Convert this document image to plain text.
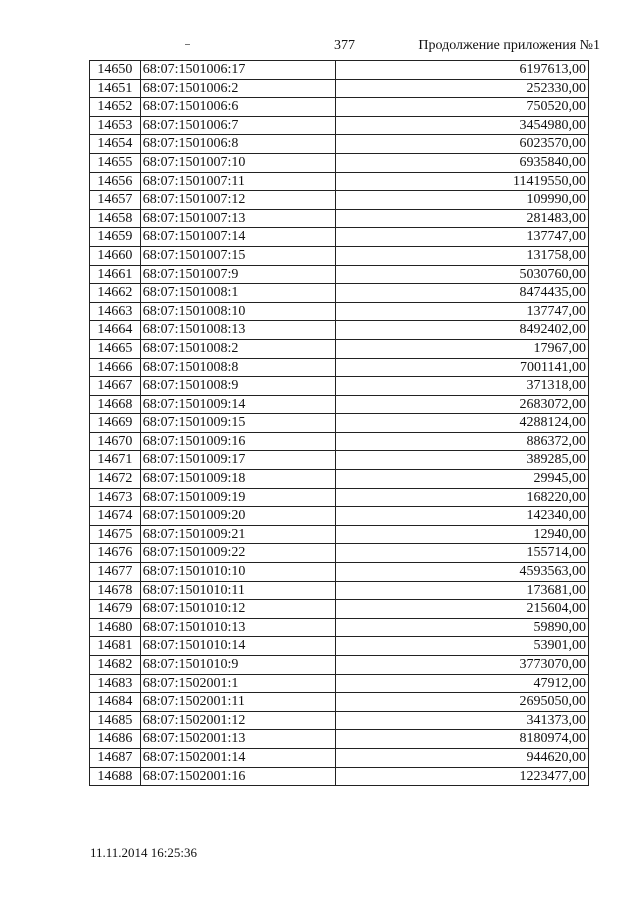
377	Продолжение приложения №1
14650	68:07:1501006:17	6197613,00
14651	68:07:1501006:2	252330,00
14652	68:07:1501006:6	750520,00
14653	68:07:1501006:7	3454980,00
14654	68:07:1501006:8	6023570,00
14655	68:07:1501007:10	6935840,00
14656	68:07:1501007:11	11419550,00
14657	68:07:1501007:12	109990,00
14658	68:07:1501007:13	281483,00
14659	68:07:1501007:14	137747,00
14660	68:07:1501007:15	131758,00
14661	68:07:1501007:9	5030760,00
14662	68:07:1501008:1	8474435,00
14663	68:07:1501008:10	137747,00
14664	68:07:1501008:13	8492402,00
14665	68:07:1501008:2	17967,00
14666	68:07:1501008:8	7001141,00
14667	68:07:1501008:9	371318,00
14668	68:07:1501009:14	2683072,00
14669	68:07:1501009:15	4288124,00
14670	68:07:1501009:16	886372,00
14671	68:07:1501009:17	389285,00
14672	68:07:1501009:18	29945,00
14673	68:07:1501009:19	168220,00
14674	68:07:1501009:20	142340,00
14675	68:07:1501009:21	12940,00
14676	68:07:1501009:22	155714,00
14677	68:07:1501010:10	4593563,00
14678	68:07:1501010:11	173681,00
14679	68:07:1501010:12	215604,00
14680	68:07:1501010:13	59890,00
14681	68:07:1501010:14	53901,00
14682	68:07:1501010:9	3773070,00
14683	68:07:1502001:1	47912,00
14684	68:07:1502001:11	2695050,00
14685	68:07:1502001:12	341373,00
14686	68:07:1502001:13	8180974,00
14687	68:07:1502001:14	944620,00
14688	68:07:1502001:16	1223477,00
11.11.2014 16:25:36
